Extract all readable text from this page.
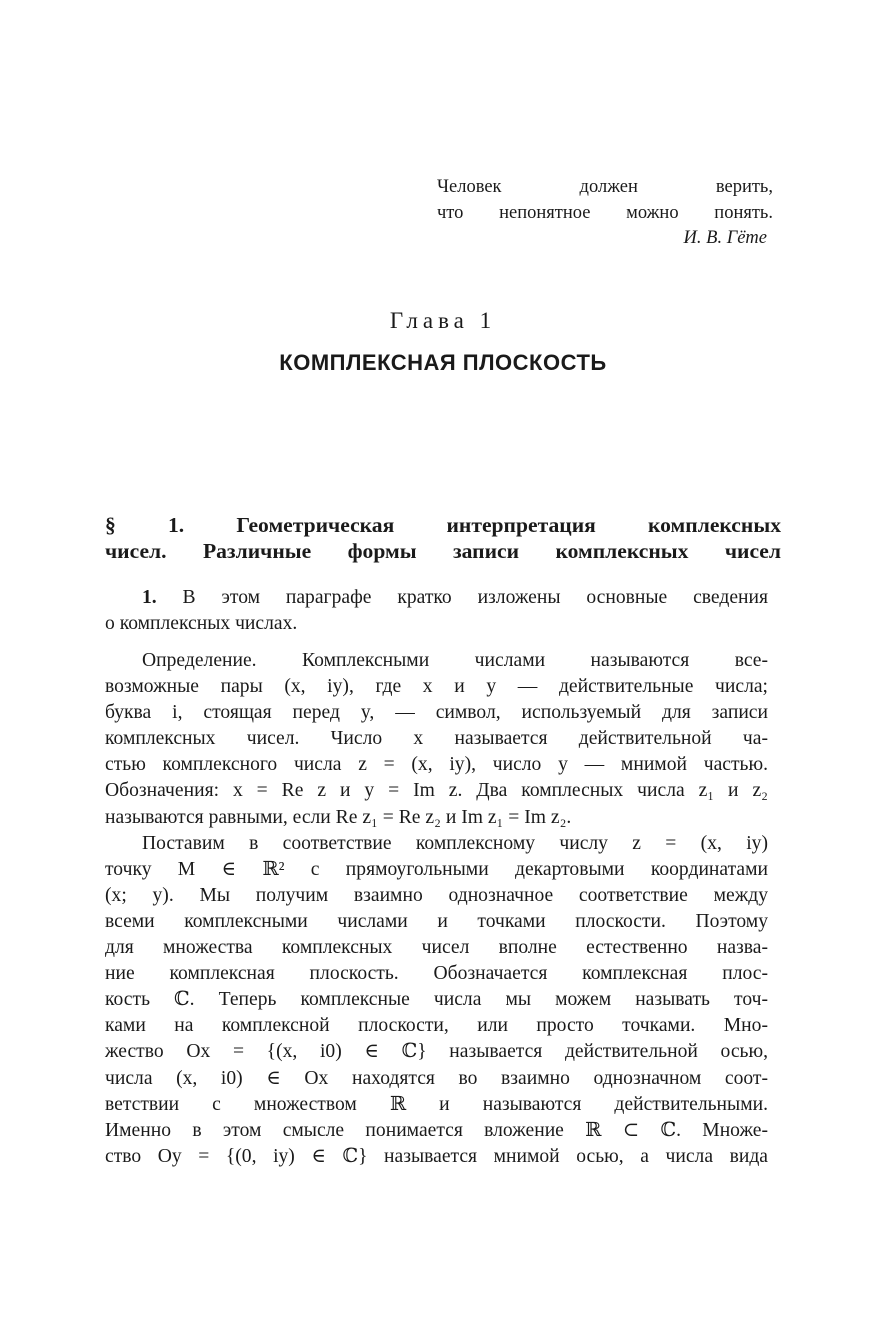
Человек должен верить,
что непонятное можно понять.
И. В. Гёте
Глава 1
КОМПЛЕКСНАЯ ПЛОСКОСТЬ
§ 1. Геометрическая интерпретация комплексных
чисел. Различные формы записи комплексных чисел
1. В этом параграфе кратко изложены основные сведения
о комплексных числах.
Определение. Комплексными числами называются все-
возможные пары (x, iy), где x и y — действительные числа;
буква i, стоящая перед y, — символ, используемый для записи
комплексных чисел. Число x называется действительной ча-
стью комплексного числа z = (x, iy), число y — мнимой частью.
Обозначения: x = Re z и y = Im z. Два комплесных числа z₁ и z₂
называются равными, если Re z₁ = Re z₂ и Im z₁ = Im z₂.
Поставим в соответствие комплексному числу z = (x, iy)
точку M ∈ ℝ² с прямоугольными декартовыми координатами
(x; y). Мы получим взаимно однозначное соответствие между
всеми комплексными числами и точками плоскости. Поэтому
для множества комплексных чисел вполне естественно назва-
ние комплексная плоскость. Обозначается комплексная плос-
кость ℂ. Теперь комплексные числа мы можем называть точ-
ками на комплексной плоскости, или просто точками. Мно-
жество Ox = {(x, i0) ∈ ℂ} называется действительной осью,
числа (x, i0) ∈ Ox находятся во взаимно однозначном соот-
ветствии с множеством ℝ и называются действительными.
Именно в этом смысле понимается вложение ℝ ⊂ ℂ. Множе-
ство Oy = {(0, iy) ∈ ℂ} называется мнимой осью, а числа вида
